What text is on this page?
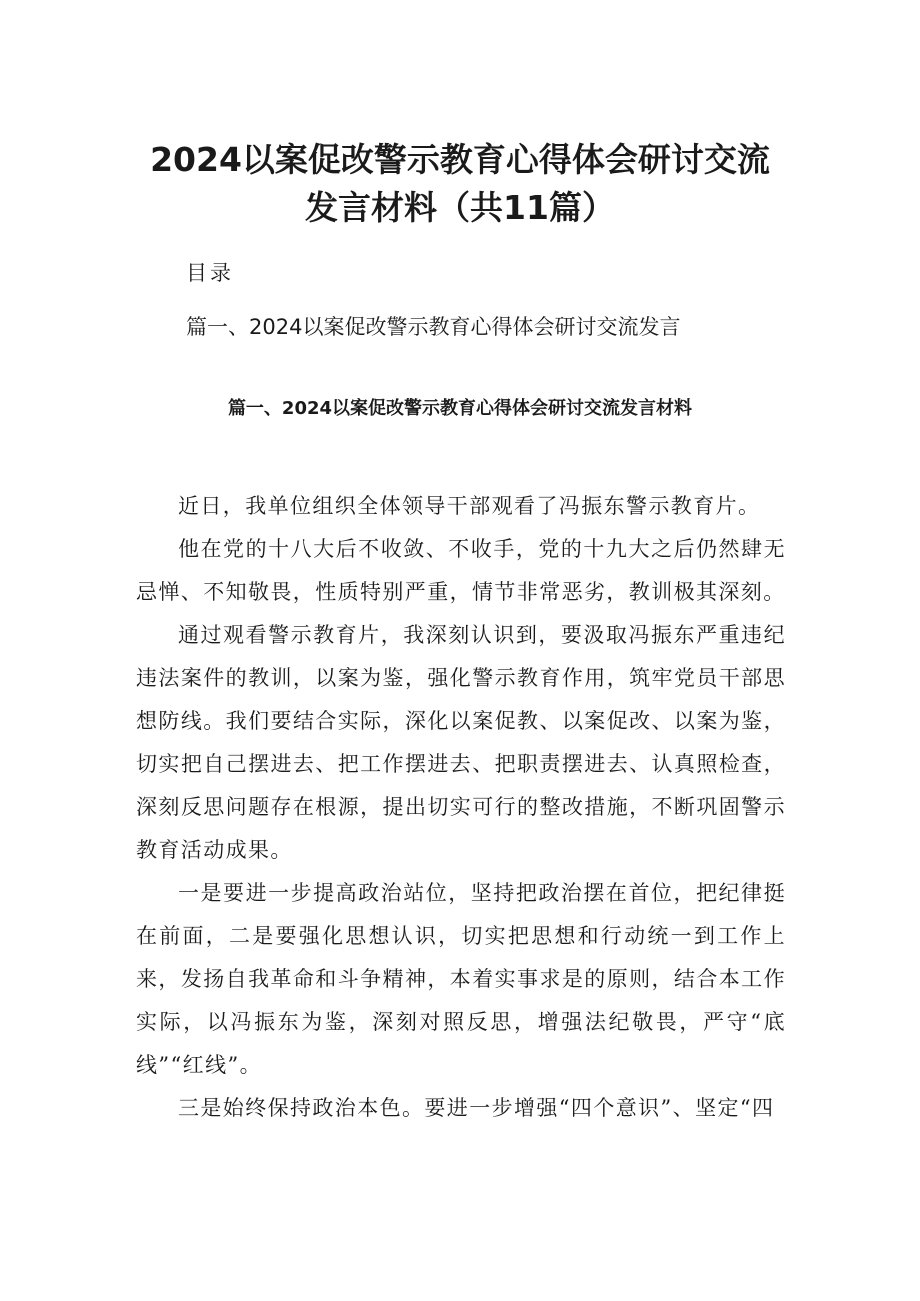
2024以案促改警示教育心得体会研讨交流
发言材料（共11篇）
目录
篇一、2024以案促改警示教育心得体会研讨交流发言
篇一、2024以案促改警示教育心得体会研讨交流发言材料

近日，我单位组织全体领导干部观看了冯振东警示教育片。

他在党的十八大后不收敛、不收手，党的十九大之后仍然肆无忌惮、不知敬畏，性质特别严重，情节非常恶劣，教训极其深刻。

通过观看警示教育片，我深刻认识到，要汲取冯振东严重违纪违法案件的教训，以案为鉴，强化警示教育作用，筑牢党员干部思想防线。我们要结合实际，深化以案促教、以案促改、以案为鉴，切实把自己摆进去、把工作摆进去、把职责摆进去、认真照检查，深刻反思问题存在根源，提出切实可行的整改措施，不断巩固警示教育活动成果。

一是要进一步提高政治站位，坚持把政治摆在首位，把纪律挺在前面，二是要强化思想认识，切实把思想和行动统一到工作上来，发扬自我革命和斗争精神，本着实事求是的原则，结合本工作实际，以冯振东为鉴，深刻对照反思，增强法纪敬畏，严守“底线”“红线”。

三是始终保持政治本色。要进一步增强“四个意识”、坚定“四
